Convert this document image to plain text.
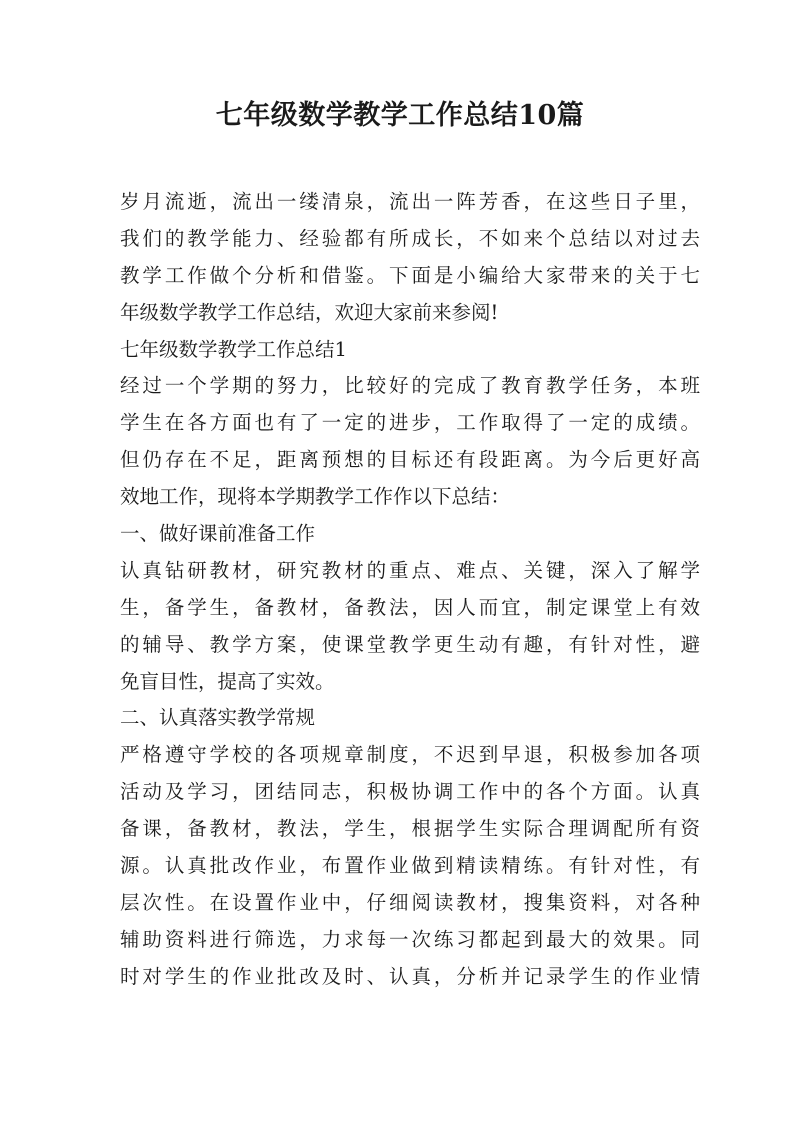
七年级数学教学工作总结10篇
岁月流逝，流出一缕清泉，流出一阵芳香，在这些日子里，
我们的教学能力、经验都有所成长，不如来个总结以对过去
教学工作做个分析和借鉴。下面是小编给大家带来的关于七
年级数学教学工作总结，欢迎大家前来参阅!
七年级数学教学工作总结1
经过一个学期的努力，比较好的完成了教育教学任务，本班
学生在各方面也有了一定的进步，工作取得了一定的成绩。
但仍存在不足，距离预想的目标还有段距离。为今后更好高
效地工作，现将本学期教学工作作以下总结：
一、做好课前准备工作
认真钻研教材，研究教材的重点、难点、关键，深入了解学
生，备学生，备教材，备教法，因人而宜，制定课堂上有效
的辅导、教学方案，使课堂教学更生动有趣，有针对性，避
免盲目性，提高了实效。
二、认真落实教学常规
严格遵守学校的各项规章制度，不迟到早退，积极参加各项
活动及学习，团结同志，积极协调工作中的各个方面。认真
备课，备教材，教法，学生，根据学生实际合理调配所有资
源。认真批改作业，布置作业做到精读精练。有针对性，有
层次性。在设置作业中，仔细阅读教材，搜集资料，对各种
辅助资料进行筛选，力求每一次练习都起到最大的效果。同
时对学生的作业批改及时、认真，分析并记录学生的作业情
